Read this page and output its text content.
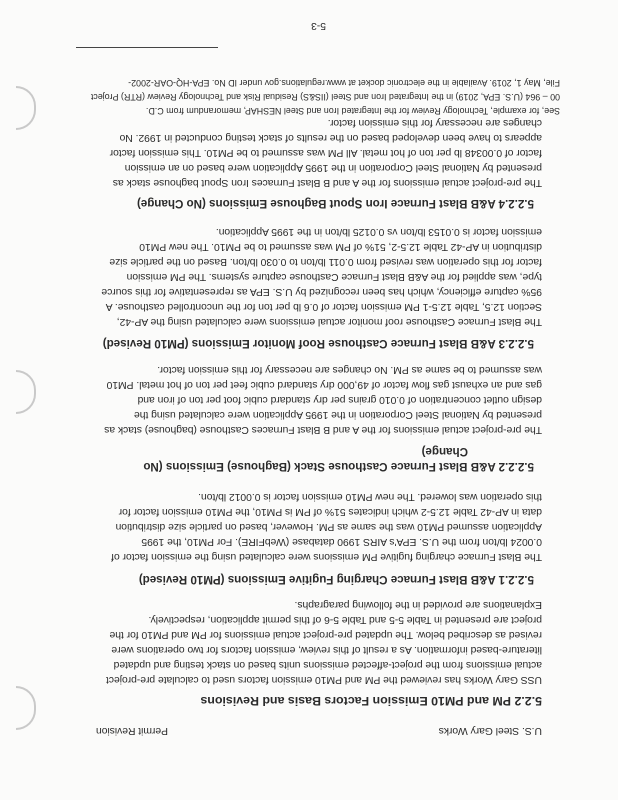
U.S. Steel Gary Works
Permit Revision
5.2.2 PM and PM10 Emission Factors Basis and Revisions
USS Gary Works has reviewed the PM and PM10 emission factors used to calculate pre-project
actual emissions from the project-affected emissions units based on stack testing and updated
literature-based information. As a result of this review, emission factors for two operations were
revised as described below. The updated pre-project actual emissions for PM and PM10 for the
project are presented in Table 5-5 and Table 5-6 of this permit application, respectively.
Explanations are provided in the following paragraphs.
5.2.2.1 A&B Blast Furnace Charging Fugitive Emissions (PM10 Revised)
The Blast Furnace charging fugitive PM emissions were calculated using the emission factor of
0.0024 lb/ton from the U.S. EPA's AIRS 1990 database (WebFIRE). For PM10, the 1995
Application assumed PM10 was the same as PM. However, based on particle size distribution
data in AP-42 Table 12.5-2 which indicates 51% of PM is PM10, the PM10 emission factor for
this operation was lowered. The new PM10 emission factor is 0.0012 lb/ton.
5.2.2.2 A&B Blast Furnace Casthouse Stack (Baghouse) Emissions (No
Change)
The pre-project actual emissions for the A and B Blast Furnaces Casthouse (baghouse) stack as
presented by National Steel Corporation in the 1995 Application were calculated using the
design outlet concentration of 0.010 grains per dry standard cubic foot per ton of iron and
gas and an exhaust gas flow factor of 49,000 dry standard cubic feet per ton of hot metal. PM10
was assumed to be same as PM. No changes are necessary for this emission factor.
5.2.2.3 A&B Blast Furnace Casthouse Roof Monitor Emissions (PM10 Revised)
The Blast Furnace Casthouse roof monitor actual emissions were calculated using the AP-42,
Section 12.5, Table 12.5-1 PM emission factor of 0.6 lb per ton for the uncontrolled casthouse. A
95% capture efficiency, which has been recognized by U.S. EPA as representative for this source
type, was applied for the A&B Blast Furnace Casthouse capture systems. The PM emission
factor for this operation was revised from 0.011 lb/ton to 0.030 lb/ton. Based on the particle size
distribution in AP-42 Table 12.5-2, 51% of PM was assumed to be PM10. The new PM10
emission factor is 0.0153 lb/ton vs 0.0125 lb/ton in the 1995 Application.
5.2.2.4 A&B Blast Furnace Iron Spout Baghouse Emissions (No Change)
The pre-project actual emissions for the A and B Blast Furnaces Iron Spout baghouse stack as
presented by National Steel Corporation in the 1995 Application were based on an emission
factor of 0.00348 lb per ton of hot metal. All PM was assumed to be PM10. This emission factor
appears to have been developed based on the results of stack testing conducted in 1992. No
changes are necessary for this emission factor.
5-3
See, for example, Technology Review for the Integrated Iron and Steel NESHAP, memorandum from C.D.
00 – 964 (U.S. EPA, 2019) in the Integrated Iron and Steel (IIS&S) Residual Risk and Technology Review (RTR) Project
File, May 1, 2019. Available in the electronic docket at www.regulations.gov under ID No. EPA-HQ-OAR-2002-
